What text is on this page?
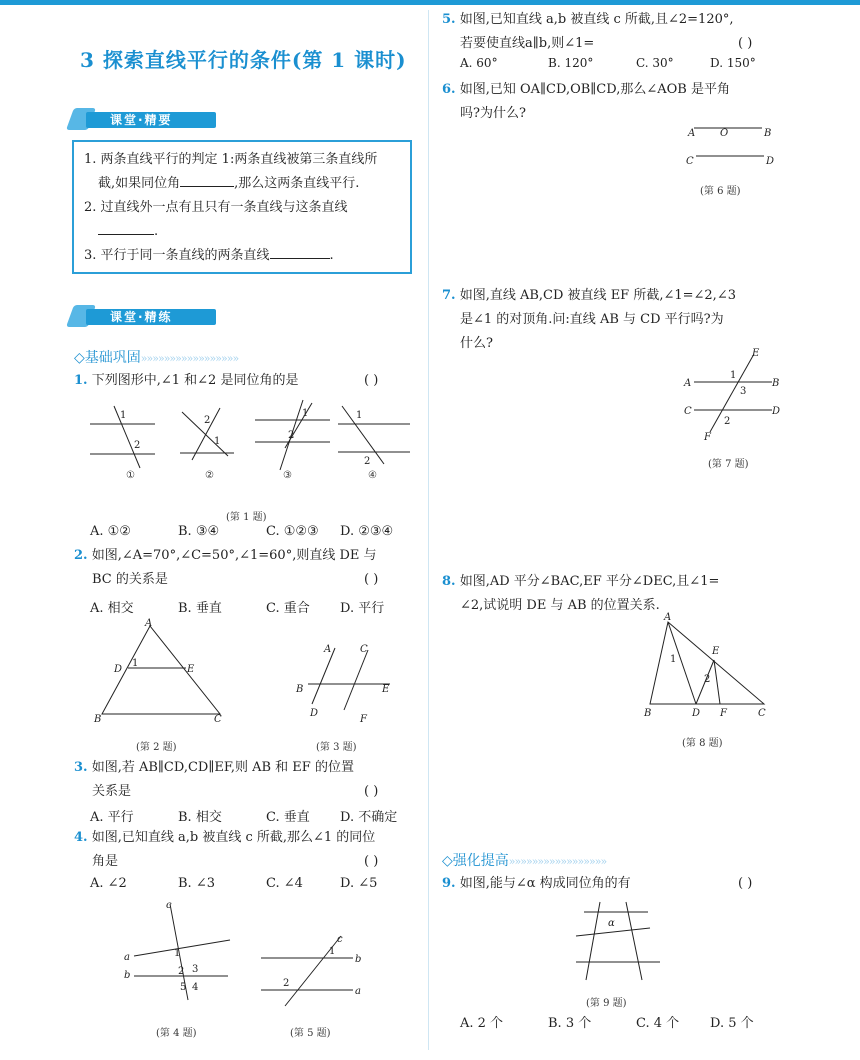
3 探索直线平行的条件(第 1 课时)
课堂·精要
1. 两条直线平行的判定 1:两条直线被第三条直线所
截,如果同位角	,那么这两条直线平行.
2. 过直线外一点有且只有一条直线与这条直线
.
3. 平行于同一条直线的两条直线	.
课堂·精练
◇基础巩固»»»»»»»»»»»»»»»»»
1. 下列图形中,∠1 和∠2 是同位角的是	( )
1
2
2
1
1
2
1
2
①	②	③	④
(第 1 题)
A. ①②	B. ③④	C. ①②③ D. ②③④
2. 如图,∠A=70°,∠C=50°,∠1=60°,则直线 DE 与
BC 的关系是	( )
A. 相交	B. 垂直	C. 重合 D. 平行
A
D
1
E
B	C
A	C
B	E
D
F
(第 2 题)	(第 3 题)
3. 如图,若 AB∥CD,CD∥EF,则 AB 和 EF 的位置
关系是	( )
A. 平行	B. 相交	C. 垂直 D. 不确定
4. 如图,已知直线 a,b 被直线 c 所截,那么∠1 的同位
角是	( )
A. ∠2	B. ∠3	C. ∠4	D. ∠5
c
a
b
1
2 3
5 4
c
b
a
1
2
(第 4 题)	(第 5 题)
5. 如图,已知直线 a,b 被直线 c 所截,且∠2=120°,
若要使直线a∥b,则∠1=	( )
A. 60°	B. 120°	C. 30°	D. 150°
6. 如图,已知 OA∥CD,OB∥CD,那么∠AOB 是平角
吗?为什么?
A O	B
C	D
(第 6 题)
7. 如图,直线 AB,CD 被直线 EF 所截,∠1=∠2,∠3
是∠1 的对顶角.问:直线 AB 与 CD 平行吗?为
什么?
E
A	B
1
3
C	D
2
F
(第 7 题)
8. 如图,AD 平分∠BAC,EF 平分∠DEC,且∠1=
∠2,试说明 DE 与 AB 的位置关系.
A
1
E
2
B	D F	C
(第 8 题)
◇强化提高»»»»»»»»»»»»»»»»»
9. 如图,能与∠α 构成同位角的有	( )
α
(第 9 题)
A. 2 个	B. 3 个	C. 4 个 D. 5 个
